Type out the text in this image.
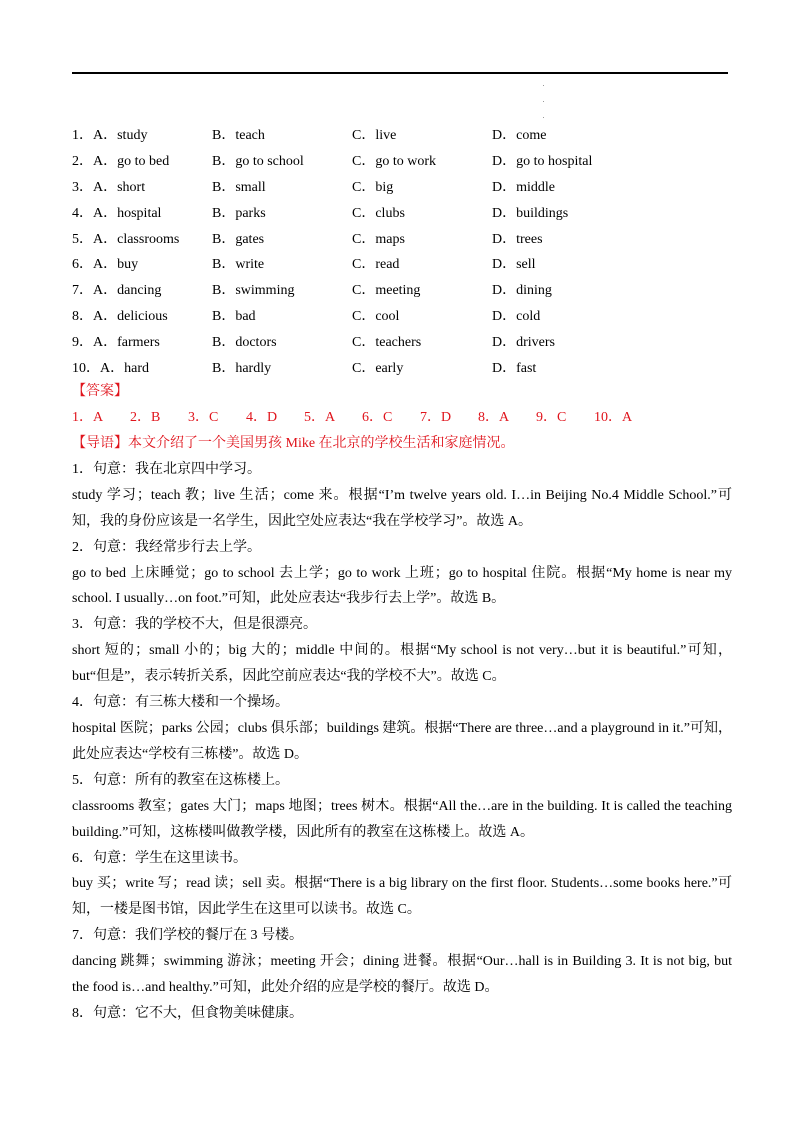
1．A．study	B．teach	C．live	D．come
2．A．go to bed	B．go to school	C．go to work	D．go to hospital
3．A．short	B．small	C．big	D．middle
4．A．hospital	B．parks	C．clubs	D．buildings
5．A．classrooms	B．gates	C．maps	D．trees
6．A．buy	B．write	C．read	D．sell
7．A．dancing	B．swimming	C．meeting	D．dining
8．A．delicious	B．bad	C．cool	D．cold
9．A．farmers	B．doctors	C．teachers	D．drivers
10．A．hard	B．hardly	C．early	D．fast
【答案】
1．A	2．B	3．C	4．D	5．A	6．C	7．D	8．A	9．C	10．A
【导语】本文介绍了一个美国男孩 Mike 在北京的学校生活和家庭情况。
1．句意：我在北京四中学习。
study 学习；teach 教；live 生活；come 来。根据“I’m twelve years old. I…in Beijing No.4 Middle School.”可知，我的身份应该是一名学生，因此空处应表达“我在学校学习”。故选 A。
2．句意：我经常步行去上学。
go to bed 上床睡觉；go to school 去上学；go to work 上班；go to hospital 住院。根据“My home is near my school. I usually…on foot.”可知，此处应表达“我步行去上学”。故选 B。
3．句意：我的学校不大，但是很漂亮。
short 短的；small 小的；big 大的；middle 中间的。根据“My school is not very…but it is beautiful.”可知，but“但是”，表示转折关系，因此空前应表达“我的学校不大”。故选 C。
4．句意：有三栋大楼和一个操场。
hospital 医院；parks 公园；clubs 俱乐部；buildings 建筑。根据“There are three…and a playground in it.”可知，此处应表达“学校有三栋楼”。故选 D。
5．句意：所有的教室在这栋楼上。
classrooms 教室；gates 大门；maps 地图；trees 树木。根据“All the…are in the building. It is called the teaching building.”可知，这栋楼叫做教学楼，因此所有的教室在这栋楼上。故选 A。
6．句意：学生在这里读书。
buy 买；write 写；read 读；sell 卖。根据“There is a big library on the first floor. Students…some books here.”可知，一楼是图书馆，因此学生在这里可以读书。故选 C。
7．句意：我们学校的餐厅在 3 号楼。
dancing 跳舞；swimming 游泳；meeting 开会；dining 进餐。根据“Our…hall is in Building 3. It is not big, but the food is…and healthy.”可知，此处介绍的应是学校的餐厅。故选 D。
8．句意：它不大，但食物美味健康。
